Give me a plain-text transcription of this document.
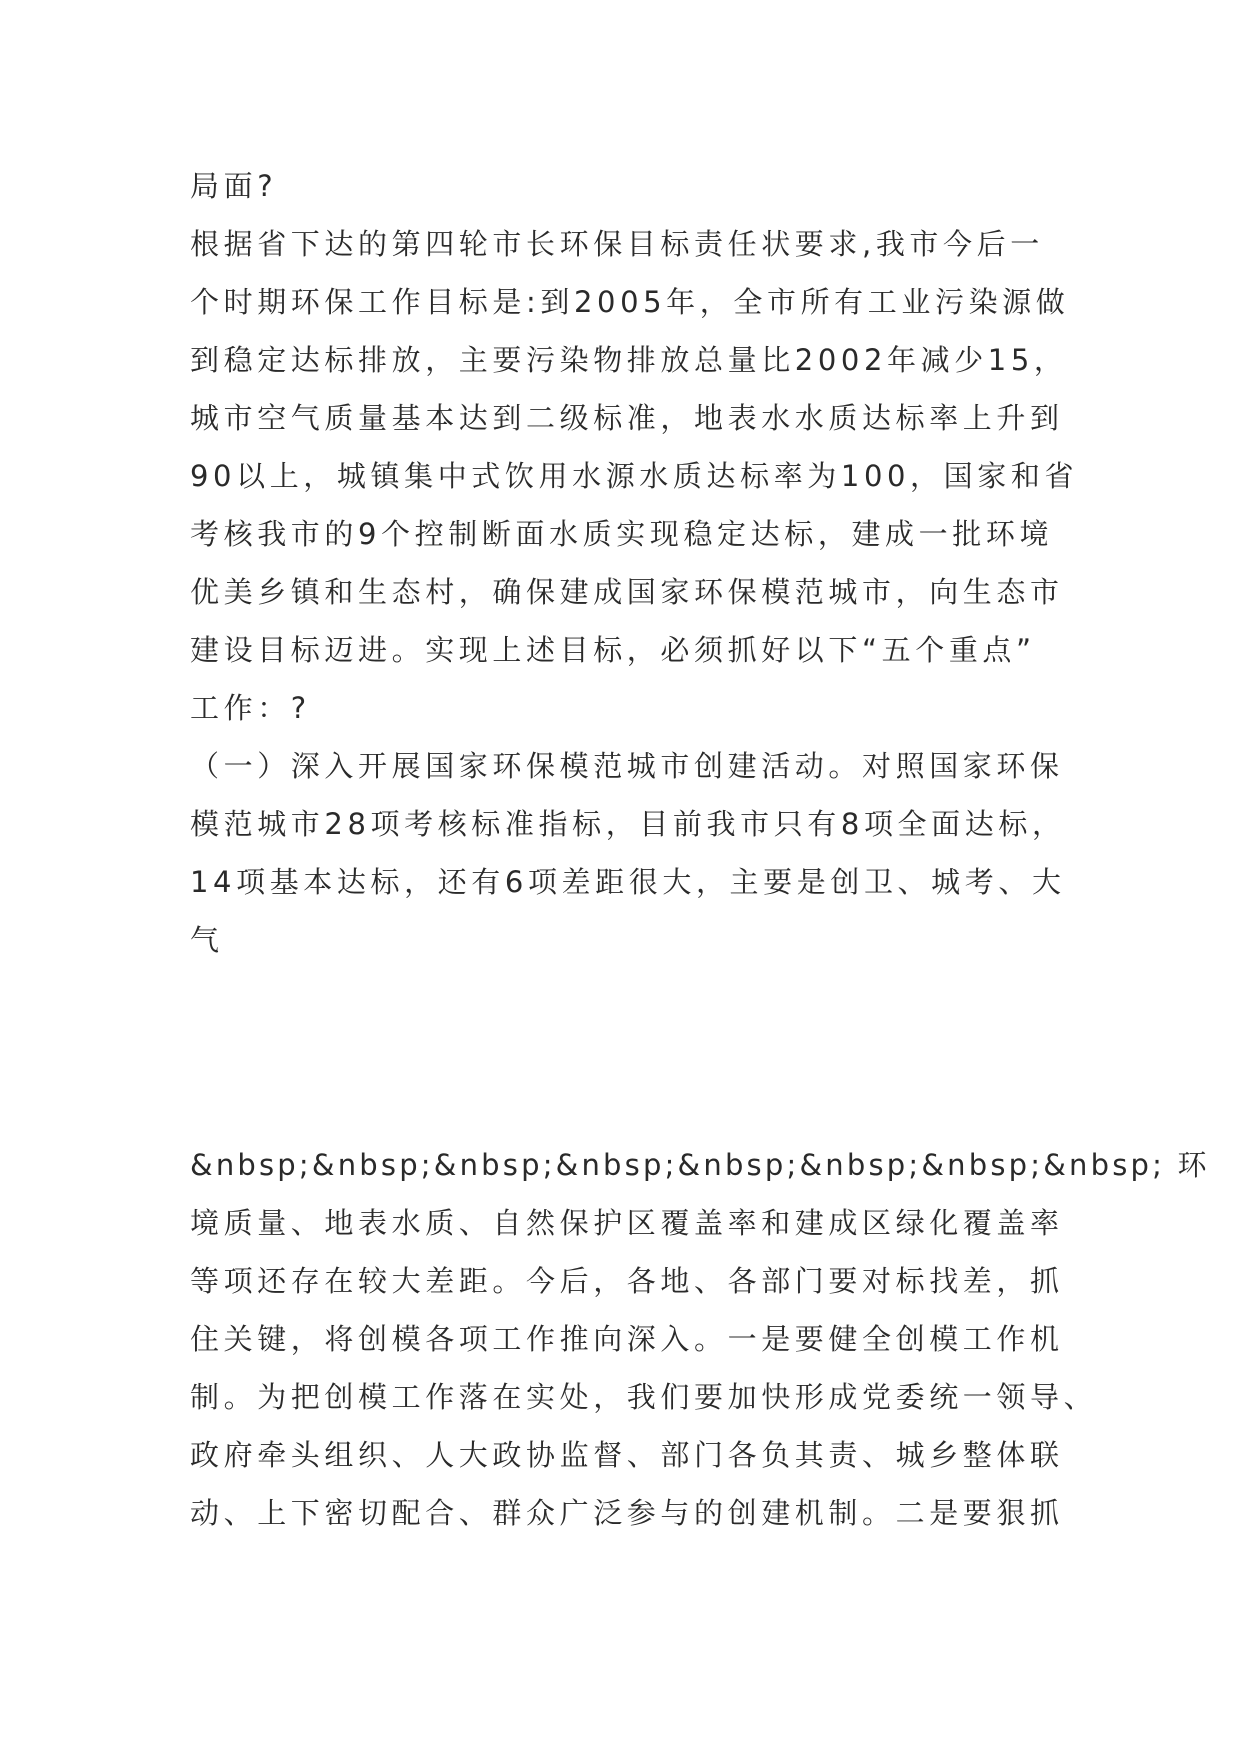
局面?
根据省下达的第四轮市长环保目标责任状要求,我市今后一
个时期环保工作目标是:到2005年，全市所有工业污染源做
到稳定达标排放，主要污染物排放总量比2002年减少15，
城市空气质量基本达到二级标准，地表水水质达标率上升到
90以上，城镇集中式饮用水源水质达标率为100，国家和省
考核我市的9个控制断面水质实现稳定达标，建成一批环境
优美乡镇和生态村，确保建成国家环保模范城市，向生态市
建设目标迈进。实现上述目标，必须抓好以下“五个重点”
工作：?
（一）深入开展国家环保模范城市创建活动。对照国家环保
模范城市28项考核标准指标，目前我市只有8项全面达标，
14项基本达标，还有6项差距很大，主要是创卫、城考、大
气
&nbsp;&nbsp;&nbsp;&nbsp;&nbsp;&nbsp;&nbsp;&nbsp; 环
境质量、地表水质、自然保护区覆盖率和建成区绿化覆盖率
等项还存在较大差距。今后，各地、各部门要对标找差，抓
住关键，将创模各项工作推向深入。一是要健全创模工作机
制。为把创模工作落在实处，我们要加快形成党委统一领导、
政府牵头组织、人大政协监督、部门各负其责、城乡整体联
动、上下密切配合、群众广泛参与的创建机制。二是要狠抓
